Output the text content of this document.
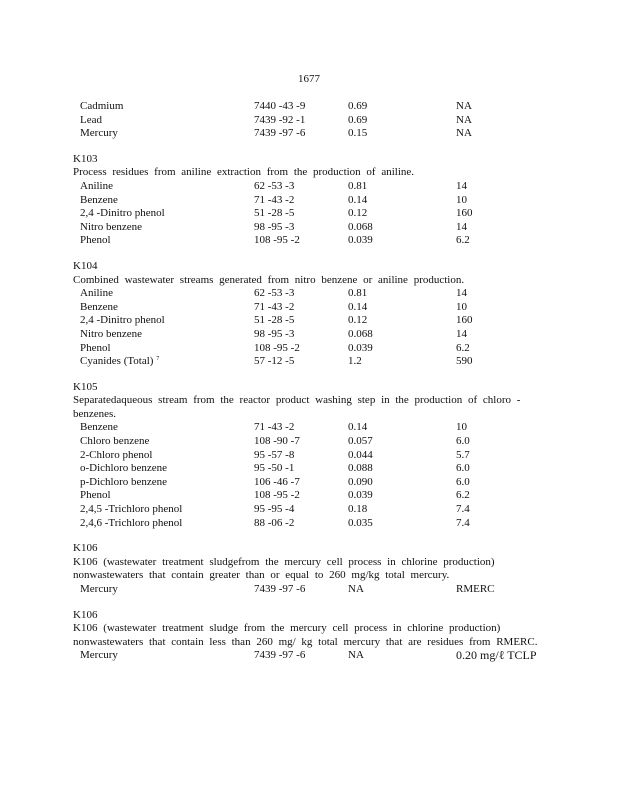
1677
Cadmium	7440 -43 -9	0.69	NA
Lead	7439 -92 -1	0.69	NA
Mercury	7439 -97 -6	0.15	NA
K103
Process residues from aniline extraction from the production of aniline.
Aniline	62 -53 -3	0.81	14
Benzene	71 -43 -2	0.14	10
2,4 -Dinitro phenol	51 -28 -5	0.12	160
Nitro benzene	98 -95 -3	0.068	14
Phenol	108 -95 -2	0.039	6.2
K104
Combined wastewater streams generated from nitro benzene or aniline production.
Aniline	62 -53 -3	0.81	14
Benzene	71 -43 -2	0.14	10
2,4 -Dinitro phenol	51 -28 -5	0.12	160
Nitro benzene	98 -95 -3	0.068	14
Phenol	108 -95 -2	0.039	6.2
Cyanides (Total) $^7$	57 -12 -5	1.2	590
K105
Separatedaqueous stream from the reactor product washing step in the production of chloro - benzenes.
Benzene	71 -43 -2	0.14	10
Chloro benzene	108 -90 -7	0.057	6.0
2-Chloro phenol	95 -57 -8	0.044	5.7
o-Dichloro benzene	95 -50 -1	0.088	6.0
p-Dichloro benzene	106 -46 -7	0.090	6.0
Phenol	108 -95 -2	0.039	6.2
2,4,5 -Trichloro phenol	95 -95 -4	0.18	7.4
2,4,6 -Trichloro phenol	88 -06 -2	0.035	7.4
K106
K106 (wastewater treatment sludgefrom the mercury cell process in chlorine production) nonwastewaters that contain greater than or equal to 260 mg/kg total mercury.
Mercury	7439 -97 -6	NA	RMERC
K106
K106 (wastewater treatment sludge from the mercury cell process in chlorine production) nonwastewaters that contain less than 260 mg/ kg total mercury that are residues from RMERC.
Mercury	7439 -97 -6	NA	0.20 mg/ℓ TCLP
